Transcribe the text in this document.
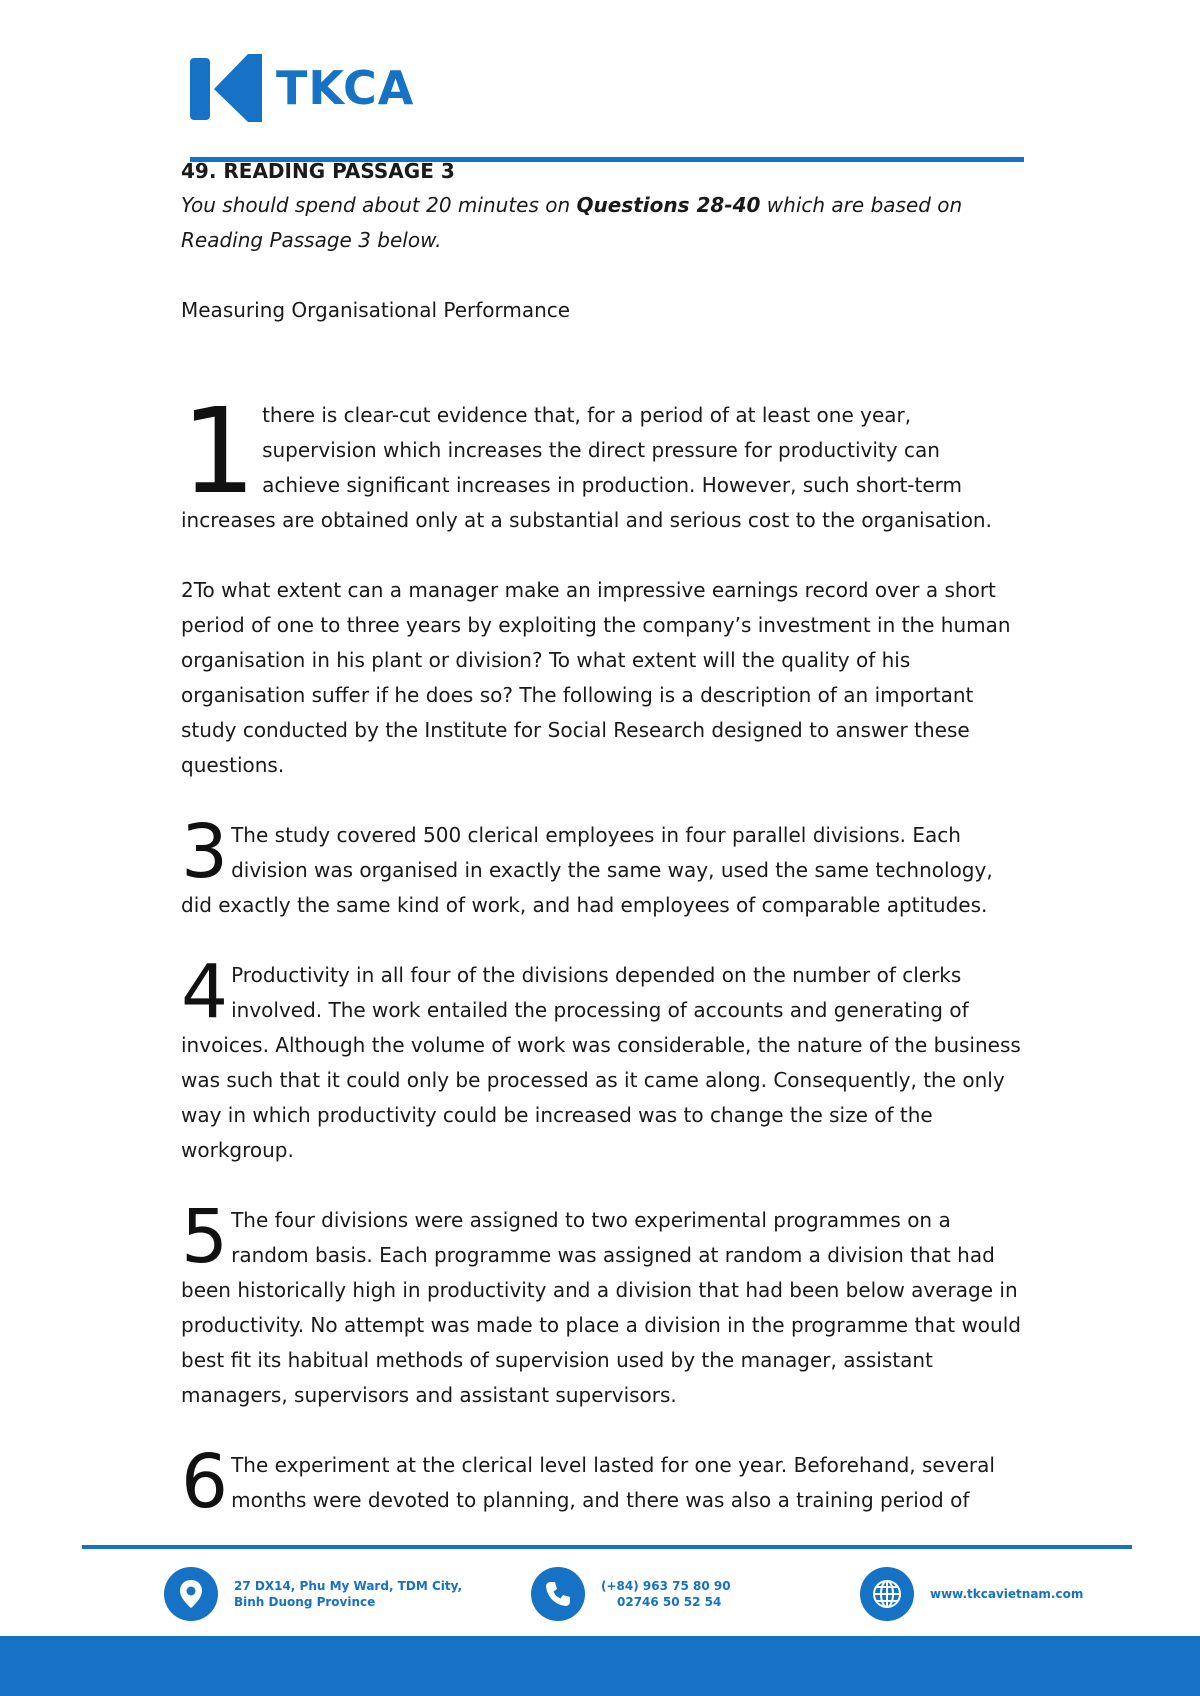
TKCA
49. READING PASSAGE 3
You should spend about 20 minutes on Questions 28-40 which are based on Reading Passage 3 below.
Measuring Organisational Performance

1 there is clear-cut evidence that, for a period of at least one year, supervision which increases the direct pressure for productivity can achieve significant increases in production. However, such short-term increases are obtained only at a substantial and serious cost to the organisation.

2To what extent can a manager make an impressive earnings record over a short period of one to three years by exploiting the company’s investment in the human organisation in his plant or division? To what extent will the quality of his organisation suffer if he does so? The following is a description of an important study conducted by the Institute for Social Research designed to answer these questions.

3 The study covered 500 clerical employees in four parallel divisions. Each division was organised in exactly the same way, used the same technology, did exactly the same kind of work, and had employees of comparable aptitudes.

4 Productivity in all four of the divisions depended on the number of clerks involved. The work entailed the processing of accounts and generating of invoices. Although the volume of work was considerable, the nature of the business was such that it could only be processed as it came along. Consequently, the only way in which productivity could be increased was to change the size of the workgroup.

5 The four divisions were assigned to two experimental programmes on a random basis. Each programme was assigned at random a division that had been historically high in productivity and a division that had been below average in productivity. No attempt was made to place a division in the programme that would best fit its habitual methods of supervision used by the manager, assistant managers, supervisors and assistant supervisors.

6 The experiment at the clerical level lasted for one year. Beforehand, several months were devoted to planning, and there was also a training period of

27 DX14, Phu My Ward, TDM City,
Binh Duong Province
(+84) 963 75 80 90
02746 50 52 54
www.tkcavietnam.com
